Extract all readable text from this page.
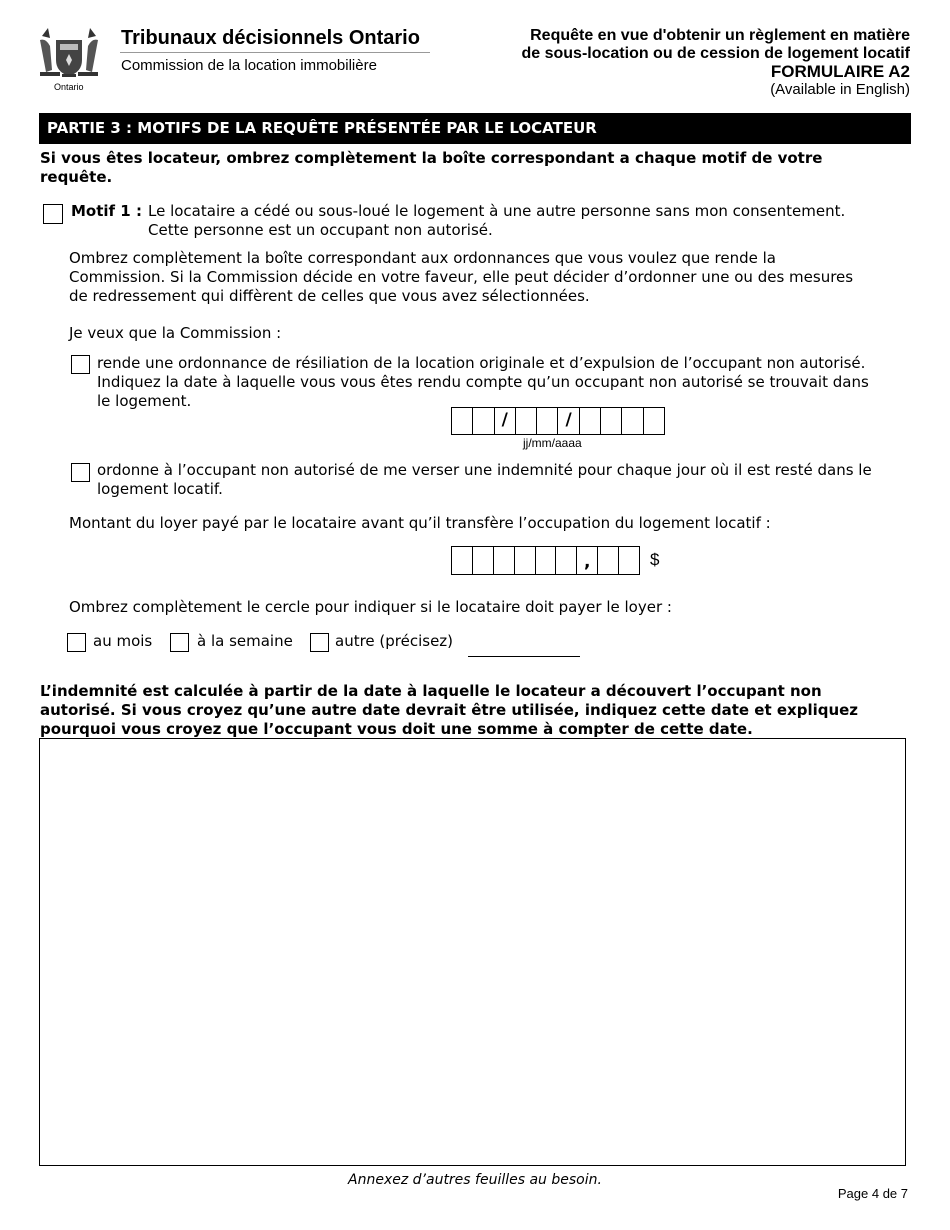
Ontario
Tribunaux décisionnels Ontario
Commission de la location immobilière
Requête en vue d'obtenir un règlement en matière
de sous-location ou de cession de logement locatif
FORMULAIRE A2
(Available in English)
PARTIE 3 : MOTIFS DE LA REQUÊTE PRÉSENTÉE PAR LE LOCATEUR
Si vous êtes locateur, ombrez complètement la boîte correspondant a chaque motif de votre
requête.
Motif 1 : Le locataire a cédé ou sous-loué le logement à une autre personne sans mon consentement.
Cette personne est un occupant non autorisé.
Ombrez complètement la boîte correspondant aux ordonnances que vous voulez que rende la
Commission. Si la Commission décide en votre faveur, elle peut décider d’ordonner une ou des mesures
de redressement qui diffèrent de celles que vous avez sélectionnées.
Je veux que la Commission :
rende une ordonnance de résiliation de la location originale et d’expulsion de l’occupant non autorisé.
Indiquez la date à laquelle vous vous êtes rendu compte qu’un occupant non autorisé se trouvait dans
le logement.
/	/
jj/mm/aaaa
ordonne à l’occupant non autorisé de me verser une indemnité pour chaque jour où il est resté dans le
logement locatif.
Montant du loyer payé par le locataire avant qu’il transfère l’occupation du logement locatif :
,	$
Ombrez complètement le cercle pour indiquer si le locataire doit payer le loyer :
au mois	à la semaine	autre (précisez)
L’indemnité est calculée à partir de la date à laquelle le locateur a découvert l’occupant non
autorisé. Si vous croyez qu’une autre date devrait être utilisée, indiquez cette date et expliquez
pourquoi vous croyez que l’occupant vous doit une somme à compter de cette date.
Annexez d’autres feuilles au besoin.
Page 4 de 7
